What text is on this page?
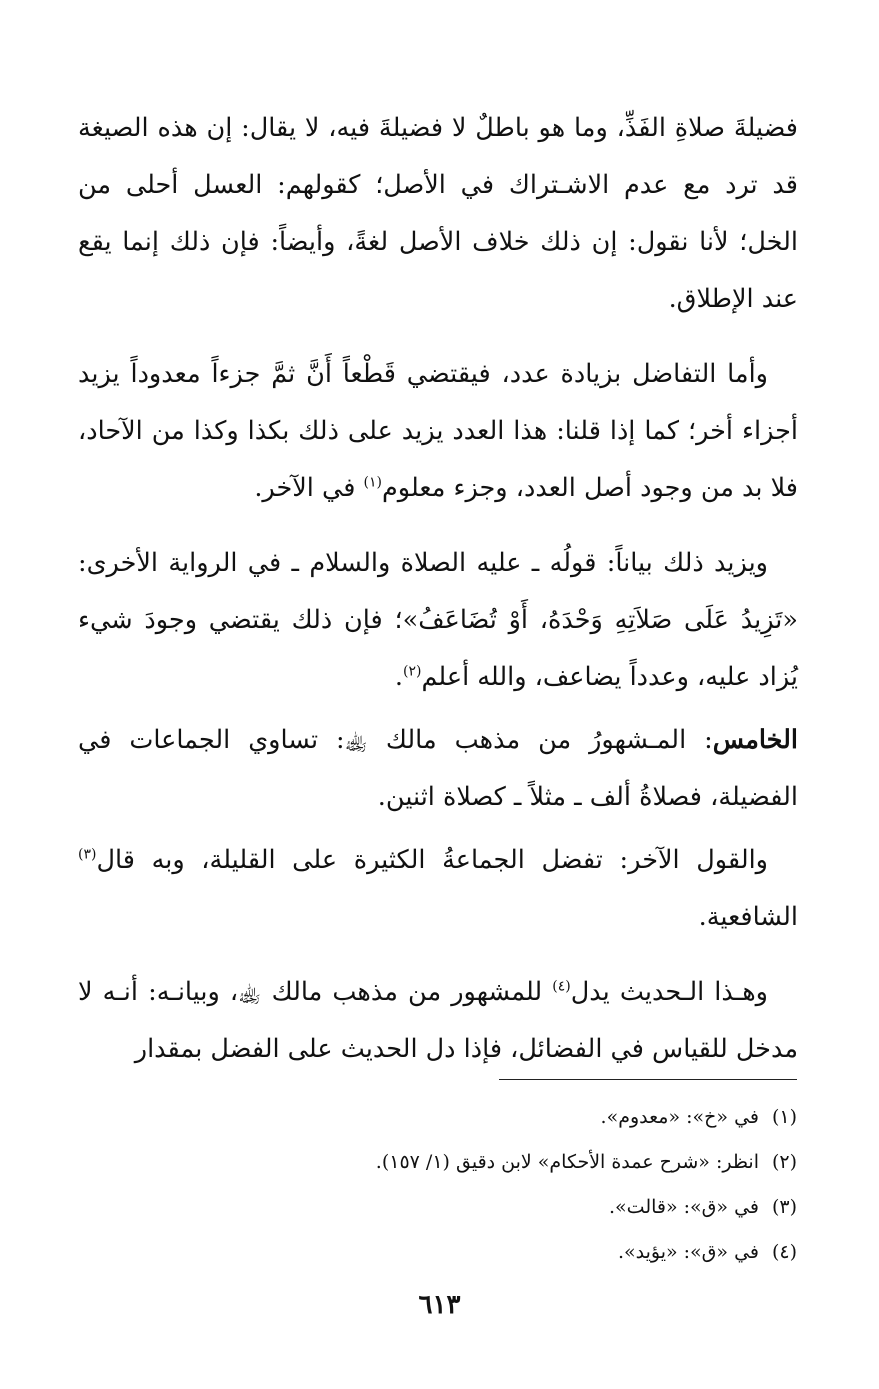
فضيلةَ صلاةِ الفَذِّ، وما هو باطلٌ لا فضيلةَ فيه، لا يقال: إن هذه الصيغة قد ترد مع عدم الاشـتراك في الأصل؛ كقولهم: العسل أحلى من الخل؛ لأنا نقول: إن ذلك خلاف الأصل لغةً، وأيضاً: فإن ذلك إنما يقع عند الإطلاق.

وأما التفاضل بزيادة عدد، فيقتضي قَطْعاً أَنَّ ثمَّ جزءاً معدوداً يزيد أجزاء أخر؛ كما إذا قلنا: هذا العدد يزيد على ذلك بكذا وكذا من الآحاد، فلا بد من وجود أصل العدد، وجزء معلوم$^{(١)}$ في الآخر.

ويزيد ذلك بياناً: قولُه ـ عليه الصلاة والسلام ـ في الرواية الأخرى: «تَزِيدُ عَلَى صَلاَتِهِ وَحْدَهُ، أَوْ تُضَاعَفُ»؛ فإن ذلك يقتضي وجودَ شيء يُزاد عليه، وعدداً يضاعف، والله أعلم$^{(٢)}$.

الخامس: المـشهورُ من مذهب مالك ﵀: تساوي الجماعات في الفضيلة، فصلاةُ ألف ـ مثلاً ـ كصلاة اثنين.

والقول الآخر: تفضل الجماعةُ الكثيرة على القليلة، وبه قال$^{(٣)}$ الشافعية.

وهـذا الـحديث يدل$^{(٤)}$ للمشهور من مذهب مالك ﵀، وبيانـه: أنـه لا مدخل للقياس في الفضائل، فإذا دل الحديث على الفضل بمقدار

(١)
في «خ»: «معدوم».
(٢)
انظر: «شرح عمدة الأحكام» لابن دقيق (١/ ١٥٧).
(٣)
في «ق»: «قالت».
(٤)
في «ق»: «يؤيد».
٦١٣
